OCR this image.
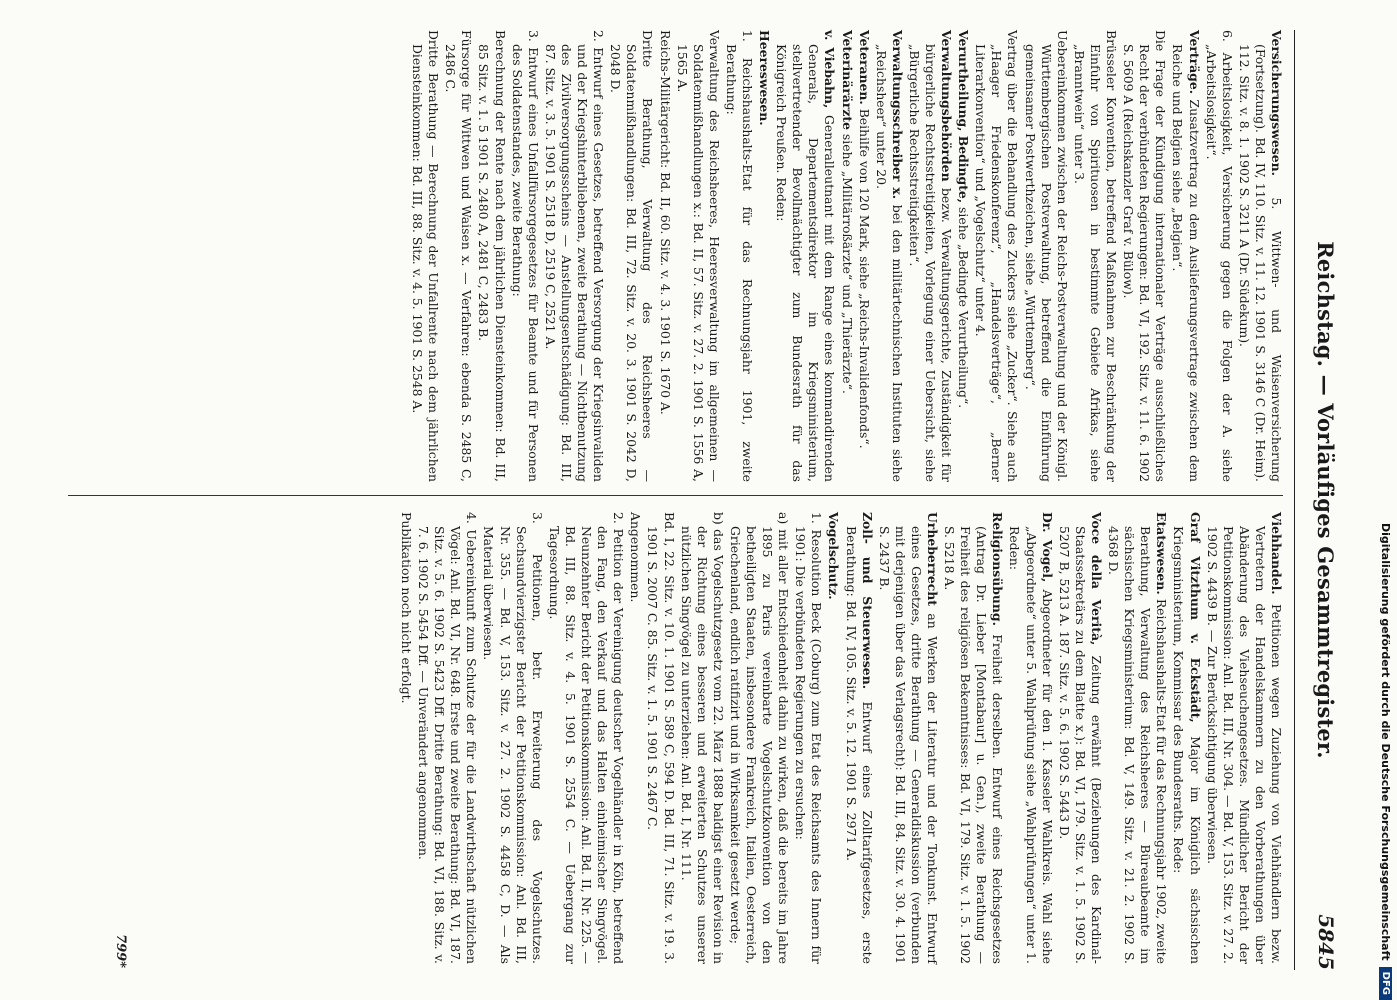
Reichstag. — Vorläufiges Gesammtregister.
5845

Versicherungswesen. 5. Wittwen- und Waisenversicherung (Fortsetzung). Bd. IV, 110. Sitz. v. 11. 12. 1901 S. 3146 C (Dr. Heim). 112. Sitz. v. 8. 1. 1902 S. 3211 A (Dr. Südekum).

6. Arbeitslosigkeit, Versicherung gegen die Folgen der A. siehe „Arbeitslosigkeit“.

Verträge. Zusatzvertrag zu dem Auslieferungsvertrage zwischen dem Reiche und Belgien siehe „Belgien“.

Die Frage der Kündigung internationaler Verträge ausschließliches Recht der verbündeten Regierungen: Bd. VI, 192. Sitz. v. 11. 6. 1902 S. 5609 A (Reichskanzler Graf v. Bülow).

Brüsseler Konvention, betreffend Maßnahmen zur Beschränkung der Einfuhr von Spirituosen in bestimmte Gebiete Afrikas, siehe „Branntwein“ unter 3.

Uebereinkommen zwischen der Reichs-Postverwaltung und der Königl. Württembergischen Postverwaltung, betreffend die Einführung gemeinsamer Postwerthzeichen, siehe „Württemberg“.

Vertrag über die Behandlung des Zuckers siehe „Zucker“. Siehe auch „Haager Friedenskonferenz“, „Handelsverträge“, „Berner Literarkonvention“ und „Vogelschutz“ unter 4.

Verurtheilung, Bedingte, siehe „Bedingte Verurtheilung“.

Verwaltungsbehörden bezw. Verwaltungsgerichte, Zuständigkeit für bürgerliche Rechtsstreitigkeiten, Vorlegung einer Uebersicht, siehe „Bürgerliche Rechtsstreitigkeiten“.

Verwaltungsschreiber x. bei den militärtechnischen Instituten siehe „Reichsheer“ unter 20.

Veteranen. Beihilfe von 120 Mark, siehe „Reichs-Invalidenfonds“.

Veterinärärzte siehe „Militärroßärzte“ und „Thierärzte“.

v. Viebahn, Generalleutnant mit dem Range eines kommandirenden Generals, Departementsdirektor im Kriegsministerium, stellvertretender Bevollmächtigter zum Bundesrath für das Königreich Preußen. Reden:

Heereswesen.

1. Reichshaushalts-Etat für das Rechnungsjahr 1901, zweite Berathung:

Verwaltung des Reichsheeres, Heeresverwaltung im allgemeinen — Soldatenmißhandlungen x.: Bd. II, 57. Sitz. v. 27. 2. 1901 S. 1556 A, 1565 A.

Reichs-Militärgericht: Bd. II, 60. Sitz. v. 4. 3. 1901 S. 1670 A.

Dritte Berathung, Verwaltung des Reichsheeres — Soldatenmißhandlungen: Bd. III, 72. Sitz. v. 20. 3. 1901 S. 2042 D, 2048 D.

2. Entwurf eines Gesetzes, betreffend Versorgung der Kriegsinvaliden und der Kriegshinterbliebenen, zweite Berathung — Nichtbenutzung des Zivilversorgungsscheins — Anstellungsentschädigung: Bd. III, 87. Sitz. v. 3. 5. 1901 S. 2518 D, 2519 C, 2521 A.

3. Entwurf eines Unfallfürsorgegesetzes für Beamte und für Personen des Soldatenstandes, zweite Berathung:

Berechnung der Rente nach dem jährlichen Diensteinkommen: Bd. III, 85 Sitz. v. 1. 5 1901 S. 2480 A, 2481 C, 2483 B.

Fürsorge für Wittwen und Waisen x. — Verfahren: ebenda S. 2485 C, 2486 C.

Dritte Berathung — Berechnung der Unfallrente nach dem jährlichen Diensteinkommen: Bd. III, 88. Sitz. v. 4. 5. 1901 S. 2548 A.

Viehhandel. Petitionen wegen Zuziehung von Viehhändlern bezw. Vertretern der Handelskammern zu den Vorberathungen über Abänderung des Viehseuchengesetzes. Mündlicher Bericht der Petitionskommission: Anl. Bd. III, Nr. 304. — Bd. V, 153. Sitz. v. 27. 2. 1902 S. 4439 B. — Zur Berücksichtigung überwiesen.

Graf Vitzthum v. Eckstädt, Major im Königlich sächsischen Kriegsministerium, Kommissar des Bundesraths. Rede:

Etatswesen. Reichshaushalts-Etat für das Rechnungsjahr 1902, zweite Berathung, Verwaltung des Reichsheeres — Büreaubeamte im sächsischen Kriegsministerium: Bd. V, 149. Sitz. v. 21. 2. 1902 S. 4368 D.

Voce della Verità, Zeitung erwähnt (Beziehungen des Kardinal-Staatssekretärs zu dem Blatte x.): Bd. VI, 179. Sitz. v. 1. 5. 1902 S. 5207 B, 5213 A. 187. Sitz. v. 5. 6. 1902 S. 5443 D.

Dr. Vogel, Abgeordneter für den 1. Kasseler Wahlkreis. Wahl siehe „Abgeordnete“ unter 5. Wahlprüfung siehe „Wahlprüfungen“ unter 1. Reden:

Religionsübung. Freiheit derselben. Entwurf eines Reichsgesetzes (Antrag Dr. Lieber [Montabaur] u. Gen.), zweite Berathung — Freiheit des religiösen Bekenntnisses: Bd. VI, 179. Sitz. v. 1. 5. 1902 S. 5218 A.

Urheberrecht an Werken der Literatur und der Tonkunst. Entwurf eines Gesetzes, dritte Berathung — Generaldiskussion (verbunden mit derjenigen über das Verlagsrecht): Bd. III, 84. Sitz. v. 30. 4. 1901 S. 2437 B.

Zoll- und Steuerwesen. Entwurf eines Zolltarifgesetzes, erste Berathung: Bd. IV, 105. Sitz. v. 5. 12. 1901 S. 2971 A.

Vogelschutz.

1. Resolution Beck (Coburg) zum Etat des Reichsamts des Innern für 1901: Die verbündeten Regierungen zu ersuchen:

a) mit aller Entschiedenheit dahin zu wirken, daß die bereits im Jahre 1895 zu Paris vereinbarte Vogelschutzkonvention von den betheiligten Staaten, insbesondere Frankreich, Italien, Oesterreich, Griechenland, endlich ratifizirt und in Wirksamkeit gesetzt werde;

b) das Vogelschutzgesetz vom 22. März 1888 baldigst einer Revision in der Richtung eines besseren und erweiterten Schutzes unserer nützlichen Singvögel zu unterziehen: Anl. Bd. I, Nr. 111.

Bd. I, 22. Sitz. v. 10. 1. 1901 S. 589 C, 594 D. Bd. III, 71. Sitz. v. 19. 3. 1901 S. 2007 C. 85. Sitz. v. 1. 5. 1901 S. 2467 C.

Angenommen.

2. Petition der Vereinigung deutscher Vogelhändler in Köln, betreffend den Fang, den Verkauf und das Halten einheimischer Singvögel. Neunzehnter Bericht der Petitionskommission: Anl. Bd. II, Nr. 225. — Bd. III, 88. Sitz. v. 4. 5. 1901 S. 2554 C. — Uebergang zur Tagesordnung.

3. Petitionen, betr. Erweiterung des Vogelschutzes. Sechsundvierzigster Bericht der Petitionskommission: Anl. Bd. III, Nr. 355. — Bd. V, 153. Sitz. v. 27. 2. 1902 S. 4458 C, D. — Als Material überwiesen.

4. Uebereinkunft zum Schutze der für die Landwirthschaft nützlichen Vögel: Anl. Bd. VI, Nr. 648. Erste und zweite Berathung: Bd. VI, 187. Sitz. v. 5. 6. 1902 S. 5423 Dff. Dritte Berathung: Bd. VI, 188. Sitz. v. 7. 6. 1902 S. 5454 Dff. — Unverändert angenommen.

Publikation noch nicht erfolgt.

799*	Digitalisierung gefördert durch die Deutsche Forschungsgemeinschaft
DFG
